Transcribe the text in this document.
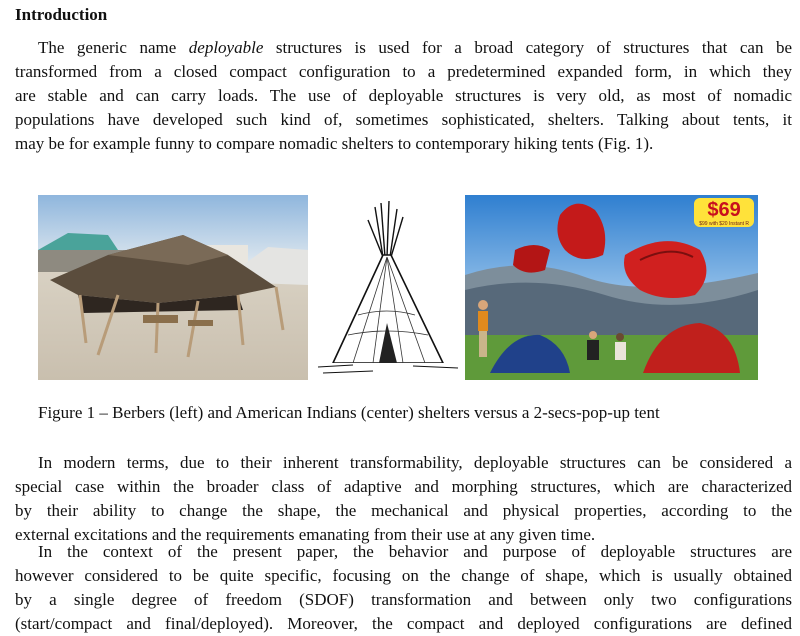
Introduction
The generic name deployable structures is used for a broad category of structures that can be
transformed from a closed compact configuration to a predetermined expanded form, in which they
are stable and can carry loads. The use of deployable structures is very old, as most of nomadic
populations have developed such kind of, sometimes sophisticated, shelters. Talking about tents, it
may be for example funny to compare nomadic shelters to contemporary hiking tents (Fig. 1).
$69
$99 with $20 Instant R
Figure 1 – Berbers (left) and American Indians (center) shelters versus a 2-secs-pop-up tent
In modern terms, due to their inherent transformability, deployable structures can be considered a
special case within the broader class of adaptive and morphing structures, which are characterized
by their ability to change the shape, the mechanical and physical properties, according to the
external excitations and the requirements emanating from their use at any given time.
In the context of the present paper, the behavior and purpose of deployable structures are
however considered to be quite specific, focusing on the change of shape, which is usually obtained
by a single degree of freedom (SDOF) transformation and between only two configurations
(start/compact and final/deployed). Moreover, the compact and deployed configurations are defined
